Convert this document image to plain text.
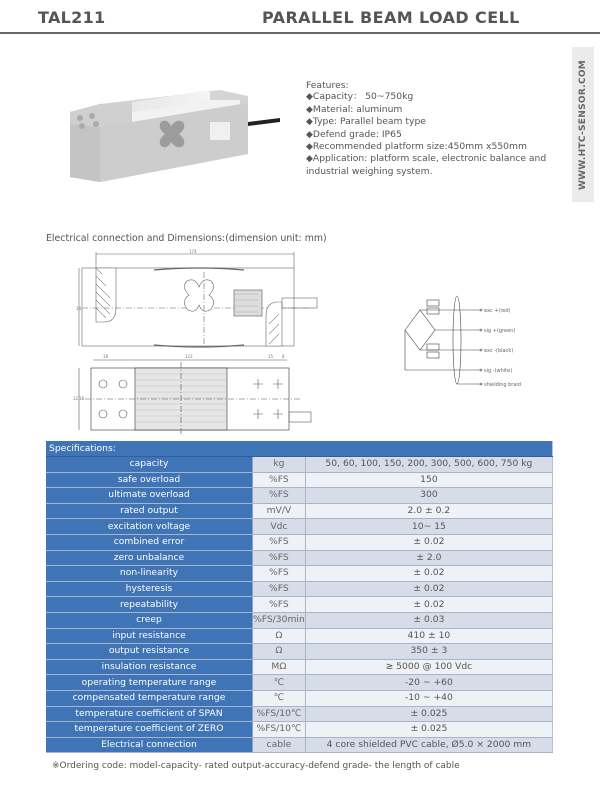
TAL211	PARALLEL BEAM LOAD CELL
WWW.HTC-SENSOR.COM
Features:
◆Capacity： 50~750kg
◆Material: aluminum
◆Type: Parallel beam type
◆Defend grade: IP65
◆Recommended platform size:450mm x550mm
◆Application: platform scale, electronic balance and industrial weighing system.
Electrical connection and Dimensions:(dimension unit: mm)
174
34
18	122	15 8
32 18
exc +(red)
sig +(green)
exc -(black)
sig -(white)
shielding braid
Specifications:		
capacity	kg	50, 60, 100, 150, 200, 300, 500, 600, 750 kg
safe overload	%FS	150
ultimate overload	%FS	300
rated output	mV/V	2.0 ± 0.2
excitation voltage	Vdc	10~ 15
combined error	%FS	± 0.02
zero unbalance	%FS	± 2.0
non-linearity	%FS	± 0.02
hysteresis	%FS	± 0.02
repeatability	%FS	± 0.02
creep	%FS/30min	± 0.03
input resistance	Ω	410 ± 10
output resistance	Ω	350 ± 3
insulation resistance	MΩ	≥ 5000 @ 100 Vdc
operating temperature range	℃	-20 ~ +60
compensated temperature range	℃	-10 ~ +40
temperature coefficient of SPAN	%FS/10℃	± 0.025
temperature coefficient of ZERO	%FS/10℃	± 0.025
Electrical connection	cable	4 core shielded PVC cable, Ø5.0 × 2000 mm
※Ordering code: model-capacity- rated output-accuracy-defend grade- the length of cable
